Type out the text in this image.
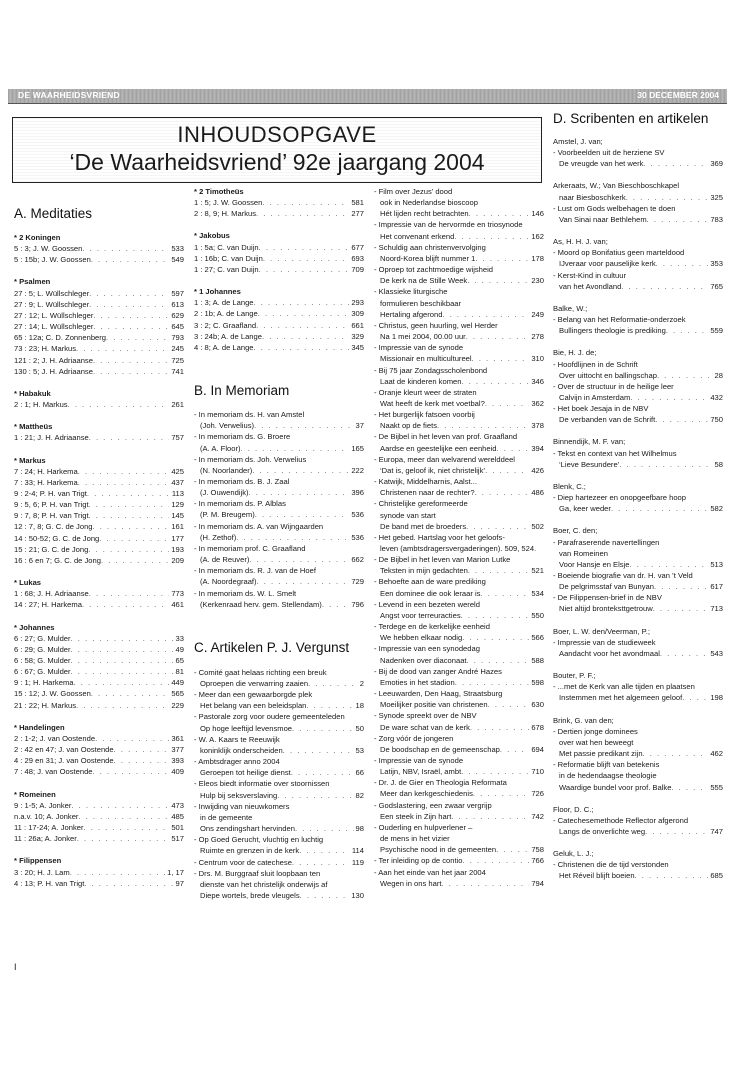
DE WAARHEIDSVRIEND	30 DECEMBER 2004
INHOUDSOPGAVE
‘De Waarheidsvriend’ 92e jaargang 2004
A. Meditaties
* 2 Koningen
5 : 3; J. W. Goossen . . .	533
5 : 15b; J. W. Goossen . . .	549
* Psalmen
27 : 5; L. Wüllschleger . . .	597
27 : 9; L. Wüllschleger . . .	613
27 : 12; L. Wüllschleger . . .	629
27 : 14; L. Wüllschleger . . .	645
65 : 12a; C. D. Zonnenberg . . .	793
73 : 23; H. Markus . . .	245
121 : 2; J. H. Adriaanse . . .	725
130 : 5; J. H. Adriaanse . . .	741
* Habakuk
2 : 1; H. Markus . . .	261
* Mattheüs
1 : 21; J. H. Adriaanse . . .	757
* Markus
7 : 24; H. Harkema . . .	425
7 : 33; H. Harkema . . .	437
9 : 2-4; P. H. van Trigt . . .	113
9 : 5, 6; P. H. van Trigt . . .	129
9 : 7, 8; P. H. van Trigt . . .	145
12 : 7, 8; G. C. de Jong . . .	161
14 : 50-52; G. C. de Jong . . .	177
15 : 21; G. C. de Jong . . .	193
16 : 6 en 7; G. C. de Jong . . .	209
* Lukas
1 : 68; J. H. Adriaanse . . .	773
14 : 27; H. Harkema . . .	461
* Johannes
6 : 27; G. Mulder . . .	33
6 : 29; G. Mulder . . .	49
6 : 58; G. Mulder . . .	65
6 : 67; G. Mulder . . .	81
9 : 1; H. Harkema . . .	449
15 : 12; J. W. Goossen . . .	565
21 : 22; H. Markus . . .	229
* Handelingen
2 : 1-2; J. van Oostende . . .	361
2 : 42 en 47; J. van Oostende . . .	377
4 : 29 en 31; J. van Oostende . . .	393
7 : 48; J. van Oostende . . .	409
* Romeinen
9 : 1-5; A. Jonker . . .	473
n.a.v. 10; A. Jonker . . .	485
11 : 17-24; A. Jonker . . .	501
11 : 26a; A. Jonker . . .	517
* Filippensen
3 : 20; H. J. Lam . . .	1, 17
4 : 13; P. H. van Trigt . . .	97
* 2 Timotheüs
1 : 5; J. W. Goossen . . .	581
2 : 8, 9; H. Markus . . .	277
* Jakobus
1 : 5a; C. van Duijn . . .	677
1 : 16b; C. van Duijn . . .	693
1 : 27; C. van Duijn . . .	709
* 1 Johannes
1 : 3; A. de Lange . . .	293
2 : 1b; A. de Lange . . .	309
3 : 2; C. Graafland . . .	661
3 : 24b; A. de Lange . . .	329
4 : 8; A. de Lange . . .	345
B. In Memoriam
- In memoriam ds. H. van Amstel
(Joh. Verwelius) . . .	37
- In memoriam ds. G. Broere
(A. A. Floor) . . .	165
- In memoriam ds. Joh. Verwelius
(N. Noorlander) . . .	222
- In memoriam ds. B. J. Zaal
(J. Ouwendijk) . . .	396
- In memoriam ds. P. Alblas
(P. M. Breugem) . . .	536
- In memoriam ds. A. van Wijngaarden
(H. Zethof) . . .	536
- In memoriam prof. C. Graafland
(A. de Reuver) . . .	662
- In memoriam ds. R. J. van de Hoef
(A. Noordegraaf) . . .	729
- In memoriam ds. W. L. Smelt
(Kerkenraad herv. gem. Stellendam) . . .	796
C. Artikelen P. J. Vergunst
- Comité gaat helaas richting een breuk
Oproepen die verwarring zaaien . . .	2
- Meer dan een gewaarborgde plek
Het belang van een beleidsplan . . .	18
- Pastorale zorg voor oudere gemeenteleden
Op hoge leeftijd levensmoe . . .	50
- W. A. Kaars te Reeuwijk
koninklijk onderscheiden . . .	53
- Ambtsdrager anno 2004
Geroepen tot heilige dienst . . .	66
- Eleos biedt informatie over stoornissen
Hulp bij seksverslaving . . .	82
- Inwijding van nieuwkomers
in de gemeente
Ons zendingshart hervinden . . .	98
- Op Goed Gerucht, vluchtig en luchtig
Ruimte en grenzen in de kerk . . .	114
- Centrum voor de catechese . . .	119
- Drs. M. Burggraaf sluit loopbaan ten
dienste van het christelijk onderwijs af
Diepe wortels, brede vleugels . . .	130
- Film over Jezus’ dood
ook in Nederlandse bioscoop
Hét lijden recht betrachten . . .	146
- Impressie van de hervormde en triosynode
Het convenant erkend . . .	162
- Schuldig aan christenvervolging
Noord-Korea blijft nummer 1 . . .	178
- Oproep tot zachtmoedige wijsheid
De kerk na de Stille Week . . .	230
- Klassieke liturgische
formulieren beschikbaar
Hertaling afgerond . . .	249
- Christus, geen huurling, wel Herder
Na 1 mei 2004, 00.00 uur . . .	278
- Impressie van de synode
Missionair en multicultureel . . .	310
- Bij 75 jaar Zondagsscholenbond
Laat de kinderen komen . . .	346
- Oranje kleurt weer de straten
Wat heeft de kerk met voetbal? . . .	362
- Het burgerlijk fatsoen voorbij
Naakt op de fiets . . .	378
- De Bijbel in het leven van prof. Graafland
Aardse en geestelijke een eenheid . . .	394
- Europa, meer dan welvarend werelddeel
‘Dat is, geloof ik, niet christelijk’ . . .	426
- Katwijk, Middelharnis, Aalst...
Christenen naar de rechter? . . .	486
- Christelijke gereformeerde
synode van start
De band met de broeders . . .	502
- Het gebed. Hartslag voor het geloofs-
leven (ambtsdragersvergaderingen). 509, 524
. . .
- De Bijbel in het leven van Marion Lutke
Teksten in mijn gedachten . . .	521
- Behoefte aan de ware prediking
Een dominee die ook leraar is . . .	534
- Levend in een bezeten wereld
Angst voor terreuracties . . .	550
- Terdege en de kerkelijke eenheid
We hebben elkaar nodig . . .	566
- Impressie van een synodedag
Nadenken over diaconaat . . .	588
- Bij de dood van zanger André Hazes
Emoties in het stadion . . .	598
- Leeuwarden, Den Haag, Straatsburg
Moeilijker positie van christenen . . .	630
- Synode spreekt over de NBV
De ware schat van de kerk . . .	678
- Zorg vóór de jongeren
De boodschap en de gemeenschap . . .	694
- Impressie van de synode
Latijn, NBV, Israël, ambt . . .	710
- Dr. J. de Gier en Theologia Reformata
Meer dan kerkgeschiedenis . . .	726
- Godslastering, een zwaar vergrijp
Een steek in Zijn hart . . .	742
- Ouderling en hulpverlener –
de mens in het vizier
Psychische nood in de gemeenten . . .	758
- Ter inleiding op de contio . . .	766
- Aan het einde van het jaar 2004
Wegen in ons hart . . .	794
D. Scribenten en artikelen
Amstel, J. van;
- Voorbeelden uit de herziene SV
De vreugde van het werk . . .	369
Arkeraats, W.; Van Bieschboschkapel
naar Biesboschkerk . . .	325
- Lust om Gods welbehagen te doen
Van Sinai naar Bethlehem . . .	783
As, H. H. J. van;
- Moord op Bonifatius geen marteldood
IJveraar voor pauselijke kerk . . .	353
- Kerst-Kind in cultuur
van het Avondland . . .	765
Balke, W.;
- Belang van het Reformatie-onderzoek
Bullingers theologie is prediking . . .	559
Bie, H. J. de;
- Hoofdlijnen in de Schrift
Over uittocht en ballingschap . . .	28
- Over de structuur in de heilige leer
Calvijn in Amsterdam . . .	432
- Het boek Jesaja in de NBV
De verbanden van de Schrift . . .	750
Binnendijk, M. F. van;
- Tekst en context van het Wilhelmus
‘Lieve Besundere’ . . .	58
Blenk, C.;
- Diep hartezeer en onopgeefbare hoop
Ga, keer weder . . .	582
Boer, C. den;
- Parafraserende navertellingen
van Romeinen
Voor Hansje en Elsje . . .	513
- Boeiende biografie van dr. H. van ’t Veld
De pelgrimsstaf van Bunyan . . .	617
- De Filippensen-brief in de NBV
Niet altijd bronteksttgetrouw . . .	713
Boer, L. W. den/Veerman, P.;
- Impressie van de studieweek
Aandacht voor het avondmaal . . .	543
Bouter, P. F.;
- ...met de Kerk van alle tijden en plaatsen
Instemmen met het algemeen geloof . . .	198
Brink, G. van den;
- Dertien jonge dominees
over wat hen beweegt
Met passie predikant zijn . . .	462
- Reformatie blijft van betekenis
in de hedendaagse theologie
Waardige bundel voor prof. Balke . . .	555
Floor, D. C.;
- Catechesemethode Reflector afgerond
Langs de onverlichte weg . . .	747
Geluk, L. J.;
- Christenen die de tijd verstonden
Het Réveil blijft boeien . . .	685
I
